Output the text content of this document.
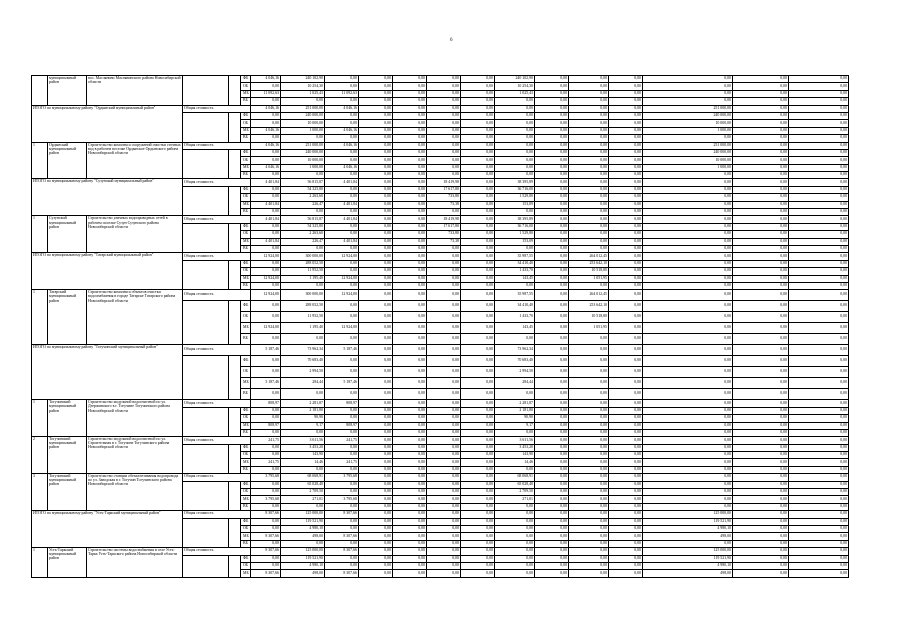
6
	муниципальный район	пос. Маслянино Маслянинского района Новосибирской области			ФБ	4 046,16	240 102,90	0,00	0,00	0,00	0,00	0,00	240 102,90	0,00	0,00	0,00	0,00	0,00	0,00
					ОБ	0,00	10 254,30	0,00	0,00	0,00	0,00	0,00	10 254,30	0,00	0,00	0,00	0,00	0,00	0,00
					МБ	11 092,63	1 025,43	11 092,63	0,00	0,00	0,00	0,00	1 025,43	0,00	0,00	0,00	0,00	0,00	0,00
					ВБ	0,00	0,00	0,00	0,00	0,00	0,00	0,00	0,00	0,00	0,00	0,00	0,00	0,00	0,00
ИТОГО по муниципальному району "Ордынский муниципальный район"			Общая стоимость			4 046,16	251 000,00	4 046,16	0,00	0,00	0,00	0,00	0,00	0,00	0,00	0,00	251 000,00	0,00	0,00
					ФБ	0,00	240 000,00	0,00	0,00	0,00	0,00	0,00	0,00	0,00	0,00	0,00	240 000,00	0,00	0,00
					ОБ	0,00	10 000,00	0,00	0,00	0,00	0,00	0,00	0,00	0,00	0,00	0,00	10 000,00	0,00	0,00
					МБ	4 046,16	1 000,00	4 046,16	0,00	0,00	0,00	0,00	0,00	0,00	0,00	0,00	1 000,00	0,00	0,00
					ВБ	0,00	0,00	0,00	0,00	0,00	0,00	0,00	0,00	0,00	0,00	0,00	0,00	0,00	0,00
1	Ордынский муниципальный район	Строительство комплекса сооружений очистки сточных вод в рабочем поселке Ордынское Ордынского района Новосибирской области	Общая стоимость			4 046,16	251 000,00	4 046,16	0,00	0,00	0,00	0,00	0,00	0,00	0,00	0,00	251 000,00	0,00	0,00
					ФБ	0,00	240 000,00	0,00	0,00	0,00	0,00	0,00	0,00	0,00	0,00	0,00	240 000,00	0,00	0,00
					ОБ	0,00	10 000,00	0,00	0,00	0,00	0,00	0,00	0,00	0,00	0,00	0,00	10 000,00	0,00	0,00
					МБ	4 046,16	1 000,00	4 046,16	0,00	0,00	0,00	0,00	0,00	0,00	0,00	0,00	1 000,00	0,00	0,00
					ВБ	0,00	0,00	0,00	0,00	0,00	0,00	0,00	0,00	0,00	0,00	0,00	0,00	0,00	0,00
ИТОГО по муниципальному району "Сузунский муниципальный район"			Общая стоимость			4 401,84	56 815,87	4 401,84	0,00	0,00	18 419,98	0,00	38 395,89	0,00	0,00	0,00	0,00	0,00	0,00
					ФБ	0,00	54 325,80	0,00	0,00	0,00	17 617,80	0,00	36 716,00	0,00	0,00	0,00	0,00	0,00	0,00
					ОБ	0,00	2 263,60	0,00	0,00	0,00	733,80	0,00	1 529,80	0,00	0,00	0,00	0,00	0,00	0,00
					МБ	4 401,84	226,47	4 401,84	0,00	0,00	73,38	0,00	153,09	0,00	0,00	0,00	0,00	0,00	0,00
					ВБ	0,00	0,00	0,00	0,00	0,00	0,00	0,00	0,00	0,00	0,00	0,00	0,00	0,00	0,00
1	Сузунский муниципальный район	Строительство уличных водопроводных сетей в рабочем поселке Сузун Сузунского района Новосибирской области	Общая стоимость			4 401,84	56 815,87	4 401,84	0,00	0,00	18 419,98	0,00	38 395,89	0,00	0,00	0,00	0,00	0,00	0,00
					ФБ	0,00	54 325,80	0,00	0,00	0,00	17 617,80	0,00	36 716,00	0,00	0,00	0,00	0,00	0,00	0,00
					ОБ	0,00	2 263,60	0,00	0,00	0,00	733,80	0,00	1 529,80	0,00	0,00	0,00	0,00	0,00	0,00
					МБ	4 401,84	226,47	4 401,84	0,00	0,00	73,38	0,00	153,09	0,00	0,00	0,00	0,00	0,00	0,00
					ВБ	0,00	0,00	0,00	0,00	0,00	0,00	0,00	0,00	0,00	0,00	0,00	0,00	0,00	0,00
ИТОГО по муниципальному району "Татарский муниципальный район"			Общая стоимость			12 924,00	300 000,00	12 924,00	0,00	0,00	0,00	0,00	35 987,55	0,00	264 012,45	0,00	0,00	0,00	0,00
					ФБ	0,00	288 052,50	0,00	0,00	0,00	0,00	0,00	34 410,40	0,00	253 642,10	0,00	0,00	0,00	0,00
					ОБ	0,00	11 952,50	0,00	0,00	0,00	0,00	0,00	1 433,70	0,00	10 518,80	0,00	0,00	0,00	0,00
					МБ	12 924,00	1 195,40	12 924,00	0,00	0,00	0,00	0,00	143,45	0,00	1 051,95	0,00	0,00	0,00	0,00
					ВБ	0,00	0,00	0,00	0,00	0,00	0,00	0,00	0,00	0,00	0,00	0,00	0,00	0,00	0,00
1	Татарский муниципальный район	Строительство комплекса объектов очистки водоснабжения в городе Татарске Татарского района Новосибирской области	Общая стоимость			12 924,00	300 000,00	12 924,00	0,00	0,00	0,00	0,00	35 987,55	0,00	264 012,45	0,00	0,00	0,00	0,00
					ФБ	0,00	288 052,50	0,00	0,00	0,00	0,00	0,00	34 410,40	0,00	253 642,10	0,00	0,00	0,00	0,00
					ОБ	0,00	11 952,50	0,00	0,00	0,00	0,00	0,00	1 433,70	0,00	10 518,80	0,00	0,00	0,00	0,00
					МБ	12 924,00	1 195,40	12 924,00	0,00	0,00	0,00	0,00	143,45	0,00	1 051,95	0,00	0,00	0,00	0,00
					ВБ	0,00	0,00	0,00	0,00	0,00	0,00	0,00	0,00	0,00	0,00	0,00	0,00	0,00	0,00
ИТОГО по муниципальному району "Тогучинский муниципальный район"			Общая стоимость			5 187,46	73 962,34	5 187,46	0,00	0,00	0,00	0,00	73 962,34	0,00	0,00	0,00	0,00	0,00	0,00
					ФБ	0,00	70 683,40	0,00	0,00	0,00	0,00	0,00	70 683,40	0,00	0,00	0,00	0,00	0,00	0,00
					ОБ	0,00	2 994,50	0,00	0,00	0,00	0,00	0,00	2 994,50	0,00	0,00	0,00	0,00	0,00	0,00
					МБ	5 187,46	284,44	5 187,46	0,00	0,00	0,00	0,00	284,44	0,00	0,00	0,00	0,00	0,00	0,00
					ВБ	0,00	0,00	0,00	0,00	0,00	0,00	0,00	0,00	0,00	0,00	0,00	0,00	0,00	0,00
1	Тогучинский муниципальный район	Строительство модульной водоочистной по ул. Дзержинского в г. Тогучине Тогучинского района Новосибирской области	Общая стоимость			808,97	2 281,87	808,97	0,00	0,00	0,00	0,00	2 281,87	0,00	0,00	0,00	0,00	0,00	0,00
					ФБ	0,00	2 181,80	0,00	0,00	0,00	0,00	0,00	2 181,80	0,00	0,00	0,00	0,00	0,00	0,00
					ОБ	0,00	90,90	0,00	0,00	0,00	0,00	0,00	90,90	0,00	0,00	0,00	0,00	0,00	0,00
					МБ	808,97	9,17	808,97	0,00	0,00	0,00	0,00	9,17	0,00	0,00	0,00	0,00	0,00	0,00
					ВБ	0,00	0,00	0,00	0,00	0,00	0,00	0,00	0,00	0,00	0,00	0,00	0,00	0,00	0,00
2	Тогучинский муниципальный район	Строительство модульной водоочистной по ул. Строительная в г. Тогучине Тогучинского района Новосибирской области	Общая стоимость			241,75	3 611,56	241,75	0,00	0,00	0,00	0,00	3 611,56	0,00	0,00	0,00	0,00	0,00	0,00
					ФБ	0,00	3 453,20	0,00	0,00	0,00	0,00	0,00	3 453,20	0,00	0,00	0,00	0,00	0,00	0,00
					ОБ	0,00	143,90	0,00	0,00	0,00	0,00	0,00	143,90	0,00	0,00	0,00	0,00	0,00	0,00
					МБ	241,75	14,46	241,75	0,00	0,00	0,00	0,00	14,46	0,00	0,00	0,00	0,00	0,00	0,00
					ВБ	0,00	0,00	0,00	0,00	0,00	0,00	0,00	0,00	0,00	0,00	0,00	0,00	0,00	0,00
3	Тогучинский муниципальный район	Строительство станции обезжелезивания водопровода по ул. Заводская в г. Тогучин Тогучинского района Новосибирской области	Общая стоимость			3 795,68	68 068,91	3 795,68	0,00	0,00	0,00	0,00	68 068,91	0,00	0,00	0,00	0,00	0,00	0,00
					ФБ	0,00	65 028,40	0,00	0,00	0,00	0,00	0,00	65 028,40	0,00	0,00	0,00	0,00	0,00	0,00
					ОБ	0,00	2 709,50	0,00	0,00	0,00	0,00	0,00	2 709,50	0,00	0,00	0,00	0,00	0,00	0,00
					МБ	3 795,68	271,01	3 795,68	0,00	0,00	0,00	0,00	271,01	0,00	0,00	0,00	0,00	0,00	0,00
					ВБ	0,00	0,00	0,00	0,00	0,00	0,00	0,00	0,00	0,00	0,00	0,00	0,00	0,00	0,00
ИТОГО по муниципальному району "Усть-Таркский муниципальный район"			Общая стоимость			8 307,66	125 000,00	8 307,66	0,00	0,00	0,00	0,00	0,00	0,00	0,00	0,00	125 000,00	0,00	0,00
					ФБ	0,00	119 521,90	0,00	0,00	0,00	0,00	0,00	0,00	0,00	0,00	0,00	119 521,90	0,00	0,00
					ОБ	0,00	4 980,10	0,00	0,00	0,00	0,00	0,00	0,00	0,00	0,00	0,00	4 980,10	0,00	0,00
					МБ	8 307,66	498,00	8 307,66	0,00	0,00	0,00	0,00	0,00	0,00	0,00	0,00	498,00	0,00	0,00
					ВБ	0,00	0,00	0,00	0,00	0,00	0,00	0,00	0,00	0,00	0,00	0,00	0,00	0,00	0,00
1	Усть-Таркский муниципальный район	Строительство системы водоснабжения в селе Усть-Тарка Усть-Таркского района Новосибирской области	Общая стоимость			8 307,66	125 000,00	8 307,66	0,00	0,00	0,00	0,00	0,00	0,00	0,00	0,00	125 000,00	0,00	0,00
					ФБ	0,00	119 521,90	0,00	0,00	0,00	0,00	0,00	0,00	0,00	0,00	0,00	119 521,90	0,00	0,00
					ОБ	0,00	4 980,10	0,00	0,00	0,00	0,00	0,00	0,00	0,00	0,00	0,00	4 980,10	0,00	0,00
					МБ	8 307,66	498,00	8 307,66	0,00	0,00	0,00	0,00	0,00	0,00	0,00	0,00	498,00	0,00	0,00
